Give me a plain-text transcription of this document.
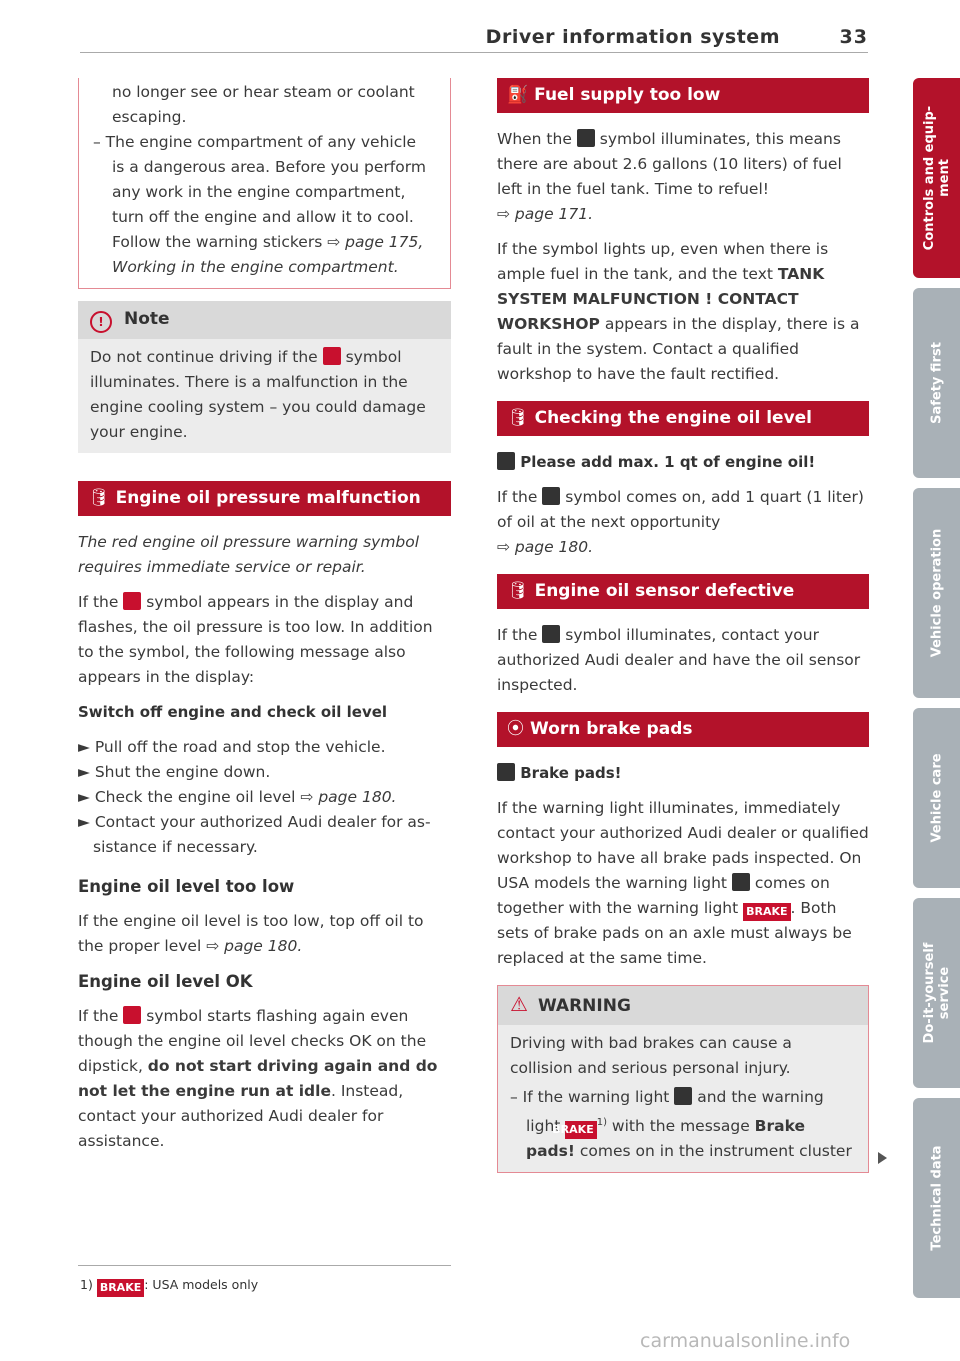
Driver information system	33
no longer see or hear steam or coolant
escaping.
– The engine compartment of any vehicle
is a dangerous area. Before you perform
any work in the engine compartment,
turn off the engine and allow it to cool.
Follow the warning stickers ⇨ page 175,
Working in the engine compartment.
! Note
Do not continue driving if the symbol
illuminates. There is a malfunction in the
engine cooling system – you could damage
your engine.
🛢 Engine oil pressure malfunction

The red engine oil pressure warning symbol requires immediate service or repair.

If the symbol appears in the display and flashes, the oil pressure is too low. In addition to the symbol, the following message also appears in the display:

Switch off engine and check oil level
► Pull off the road and stop the vehicle.
► Shut the engine down.
► Check the engine oil level ⇨ page 180.
► Contact your authorized Audi dealer for as-
sistance if necessary.
Engine oil level too low

If the engine oil level is too low, top off oil to the proper level ⇨ page 180.

Engine oil level OK

If the symbol starts flashing again even though the engine oil level checks OK on the dipstick, do not start driving again and do not let the engine run at idle. Instead, contact your authorized Audi dealer for assistance.

⛽ Fuel supply too low

When the symbol illuminates, this means there are about 2.6 gallons (10 liters) of fuel left in the fuel tank. Time to refuel!
⇨ page 171.

If the symbol lights up, even when there is ample fuel in the tank, and the text TANK SYSTEM MALFUNCTION ! CONTACT WORKSHOP appears in the display, there is a fault in the system. Contact a qualified workshop to have the fault rectified.

🛢 Checking the engine oil level
Please add max. 1 qt of engine oil!

If the symbol comes on, add 1 quart (1 liter) of oil at the next opportunity
⇨ page 180.

🛢 Engine oil sensor defective

If the symbol illuminates, contact your authorized Audi dealer and have the oil sensor inspected.

⦿ Worn brake pads
Brake pads!

If the warning light illuminates, immediately contact your authorized Audi dealer or qualified workshop to have all brake pads inspected. On USA models the warning light comes on together with the warning light BRAKE . Both sets of brake pads on an axle must always be replaced at the same time.

⚠ WARNING

Driving with bad brakes can cause a collision and serious personal injury.

– If the warning light and the warning light BRAKE$^{1)}$ with the message Brake pads! comes on in the instrument cluster
1) BRAKE : USA models only
Controls and equip-
ment
Safety first
Vehicle operation
Vehicle care
Do-it-yourself
service
Technical data
carmanualsonline.info
